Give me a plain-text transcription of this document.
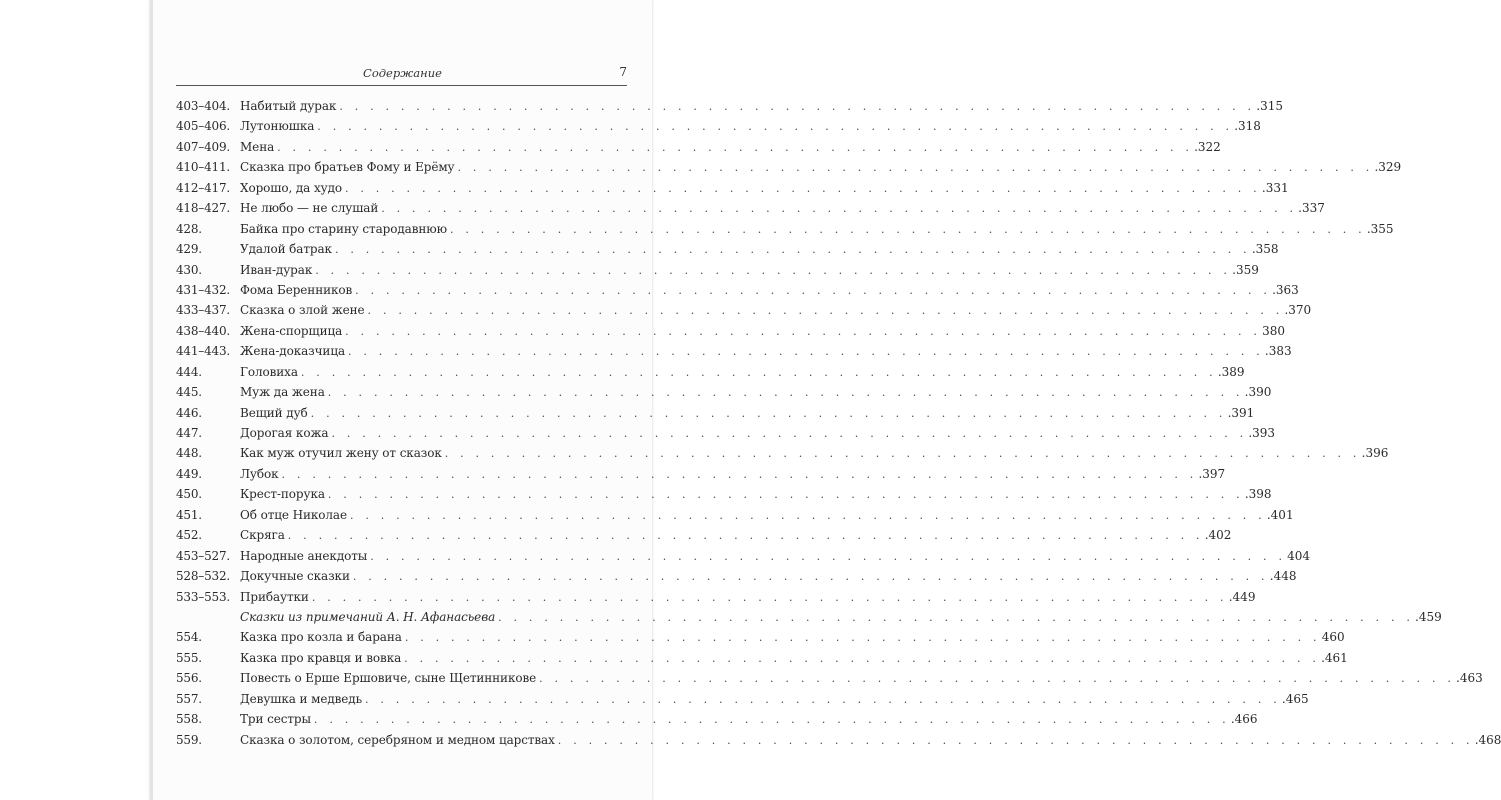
Содержание	7
403–404. Набитый дурак . . . . . . . . . . . . . . . . . . . . . . . . . . . . . . . . . . . . . . . . . . . . . . . . . . . . . . . . . . . . .315
405–406. Лутонюшка . . . . . . . . . . . . . . . . . . . . . . . . . . . . . . . . . . . . . . . . . . . . . . . . . . . . . . . . . . . . .318
407–409. Мена . . . . . . . . . . . . . . . . . . . . . . . . . . . . . . . . . . . . . . . . . . . . . . . . . . . . . . . . . . . . .322
410–411. Сказка про братьев Фому и Ерёму . . . . . . . . . . . . . . . . . . . . . . . . . . . . . . . . . . . . . . . . . . . . . . . . . . . . . . . . . . . . .329
412–417. Хорошо, да худо . . . . . . . . . . . . . . . . . . . . . . . . . . . . . . . . . . . . . . . . . . . . . . . . . . . . . . . . . . . . .331
418–427. Не любо — не слушай . . . . . . . . . . . . . . . . . . . . . . . . . . . . . . . . . . . . . . . . . . . . . . . . . . . . . . . . . . . . .337
428.	Байка про старину стародавнюю . . . . . . . . . . . . . . . . . . . . . . . . . . . . . . . . . . . . . . . . . . . . . . . . . . . . . . . . . . . . .355
429.	Удалой батрак . . . . . . . . . . . . . . . . . . . . . . . . . . . . . . . . . . . . . . . . . . . . . . . . . . . . . . . . . . . . .358
430.	Иван-дурак . . . . . . . . . . . . . . . . . . . . . . . . . . . . . . . . . . . . . . . . . . . . . . . . . . . . . . . . . . . . .359
431–432. Фома Беренников . . . . . . . . . . . . . . . . . . . . . . . . . . . . . . . . . . . . . . . . . . . . . . . . . . . . . . . . . . . . .363
433–437. Сказка о злой жене . . . . . . . . . . . . . . . . . . . . . . . . . . . . . . . . . . . . . . . . . . . . . . . . . . . . . . . . . . . . .370
438–440. Жена-спорщица . . . . . . . . . . . . . . . . . . . . . . . . . . . . . . . . . . . . . . . . . . . . . . . . . . . . . . . . . . . . 380
441–443. Жена-доказчица . . . . . . . . . . . . . . . . . . . . . . . . . . . . . . . . . . . . . . . . . . . . . . . . . . . . . . . . . . . . .383
444.	Головиха . . . . . . . . . . . . . . . . . . . . . . . . . . . . . . . . . . . . . . . . . . . . . . . . . . . . . . . . . . . . .389
445.	Муж да жена . . . . . . . . . . . . . . . . . . . . . . . . . . . . . . . . . . . . . . . . . . . . . . . . . . . . . . . . . . . . .390
446.	Вещий дуб . . . . . . . . . . . . . . . . . . . . . . . . . . . . . . . . . . . . . . . . . . . . . . . . . . . . . . . . . . . . .391
447.	Дорогая кожа . . . . . . . . . . . . . . . . . . . . . . . . . . . . . . . . . . . . . . . . . . . . . . . . . . . . . . . . . . . . .393
448.	Как муж отучил жену от сказок . . . . . . . . . . . . . . . . . . . . . . . . . . . . . . . . . . . . . . . . . . . . . . . . . . . . . . . . . . . . .396
449.	Лубок . . . . . . . . . . . . . . . . . . . . . . . . . . . . . . . . . . . . . . . . . . . . . . . . . . . . . . . . . . . . .397
450.	Крест-порука . . . . . . . . . . . . . . . . . . . . . . . . . . . . . . . . . . . . . . . . . . . . . . . . . . . . . . . . . . . . .398
451.	Об отце Николае . . . . . . . . . . . . . . . . . . . . . . . . . . . . . . . . . . . . . . . . . . . . . . . . . . . . . . . . . . . . .401
452.	Скряга . . . . . . . . . . . . . . . . . . . . . . . . . . . . . . . . . . . . . . . . . . . . . . . . . . . . . . . . . . . . .402
453–527. Народные анекдоты . . . . . . . . . . . . . . . . . . . . . . . . . . . . . . . . . . . . . . . . . . . . . . . . . . . . . . . . . . . . 404
528–532. Докучные сказки . . . . . . . . . . . . . . . . . . . . . . . . . . . . . . . . . . . . . . . . . . . . . . . . . . . . . . . . . . . . .448
533–553. Прибаутки . . . . . . . . . . . . . . . . . . . . . . . . . . . . . . . . . . . . . . . . . . . . . . . . . . . . . . . . . . . . .449
Сказки из примечаний А. Н. Афанасьева . . . . . . . . . . . . . . . . . . . . . . . . . . . . . . . . . . . . . . . . . . . . . . . . . . . . . . . . . . . . .459
554.	Казка про козла и барана . . . . . . . . . . . . . . . . . . . . . . . . . . . . . . . . . . . . . . . . . . . . . . . . . . . . . . . . . . . . 460
555.	Казка про кравця и вовка . . . . . . . . . . . . . . . . . . . . . . . . . . . . . . . . . . . . . . . . . . . . . . . . . . . . . . . . . . . . .461
556.	Повесть о Ерше Ершовиче, сыне Щетинникове . . . . . . . . . . . . . . . . . . . . . . . . . . . . . . . . . . . . . . . . . . . . . . . . . . . . . . . . . . . . .463
557.	Девушка и медведь . . . . . . . . . . . . . . . . . . . . . . . . . . . . . . . . . . . . . . . . . . . . . . . . . . . . . . . . . . . . .465
558.	Три сестры . . . . . . . . . . . . . . . . . . . . . . . . . . . . . . . . . . . . . . . . . . . . . . . . . . . . . . . . . . . . .466
559.	Сказка о золотом, серебряном и медном царствах . . . . . . . . . . . . . . . . . . . . . . . . . . . . . . . . . . . . . . . . . . . . . . . . . . . . . . . . . . . . .468
